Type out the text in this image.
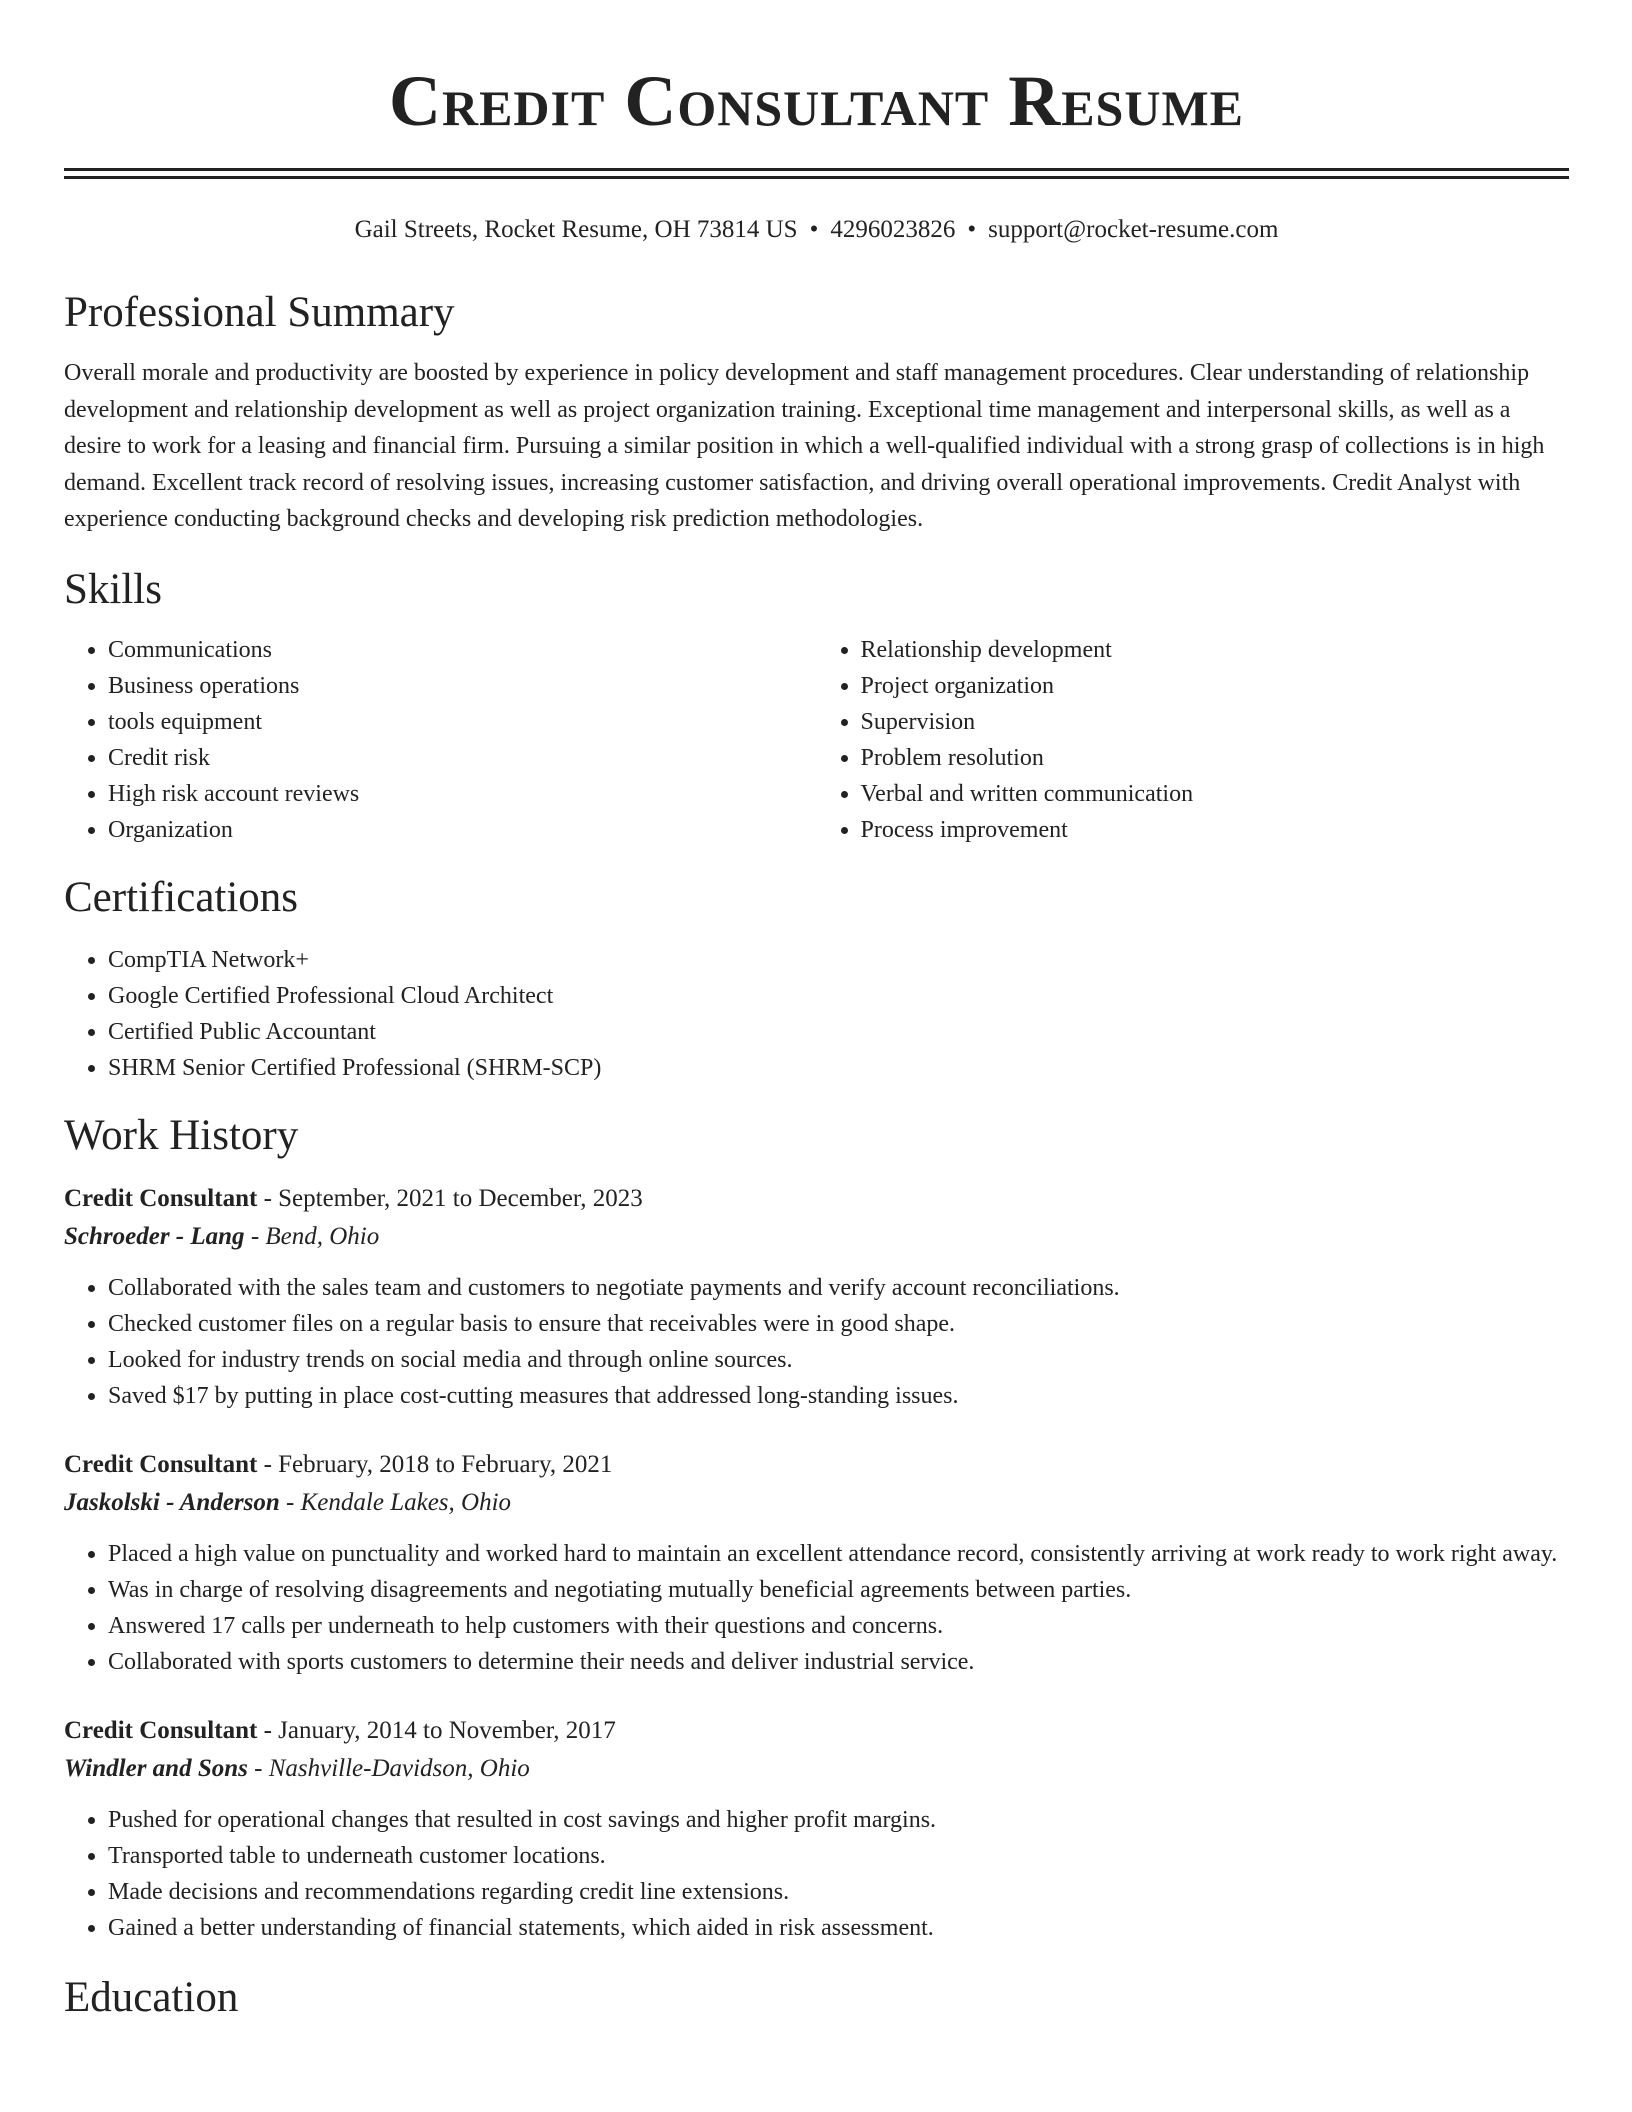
Credit Consultant Resume
Gail Streets, Rocket Resume, OH 73814 US • 4296023826 • support@rocket-resume.com
Professional Summary
Overall morale and productivity are boosted by experience in policy development and staff management procedures. Clear understanding of relationship development and relationship development as well as project organization training. Exceptional time management and interpersonal skills, as well as a desire to work for a leasing and financial firm. Pursuing a similar position in which a well-qualified individual with a strong grasp of collections is in high demand. Excellent track record of resolving issues, increasing customer satisfaction, and driving overall operational improvements. Credit Analyst with experience conducting background checks and developing risk prediction methodologies.
Skills
• Communications
• Business operations
• tools equipment
• Credit risk
• High risk account reviews
• Organization
• Relationship development
• Project organization
• Supervision
• Problem resolution
• Verbal and written communication
• Process improvement
Certifications
• CompTIA Network+
• Google Certified Professional Cloud Architect
• Certified Public Accountant
• SHRM Senior Certified Professional (SHRM-SCP)
Work History
Credit Consultant - September, 2021 to December, 2023
Schroeder - Lang - Bend, Ohio
• Collaborated with the sales team and customers to negotiate payments and verify account reconciliations.
• Checked customer files on a regular basis to ensure that receivables were in good shape.
• Looked for industry trends on social media and through online sources.
• Saved $17 by putting in place cost-cutting measures that addressed long-standing issues.
Credit Consultant - February, 2018 to February, 2021
Jaskolski - Anderson - Kendale Lakes, Ohio
• Placed a high value on punctuality and worked hard to maintain an excellent attendance record, consistently arriving at work ready to work right away.
• Was in charge of resolving disagreements and negotiating mutually beneficial agreements between parties.
• Answered 17 calls per underneath to help customers with their questions and concerns.
• Collaborated with sports customers to determine their needs and deliver industrial service.
Credit Consultant - January, 2014 to November, 2017
Windler and Sons - Nashville-Davidson, Ohio
• Pushed for operational changes that resulted in cost savings and higher profit margins.
• Transported table to underneath customer locations.
• Made decisions and recommendations regarding credit line extensions.
• Gained a better understanding of financial statements, which aided in risk assessment.
Education
